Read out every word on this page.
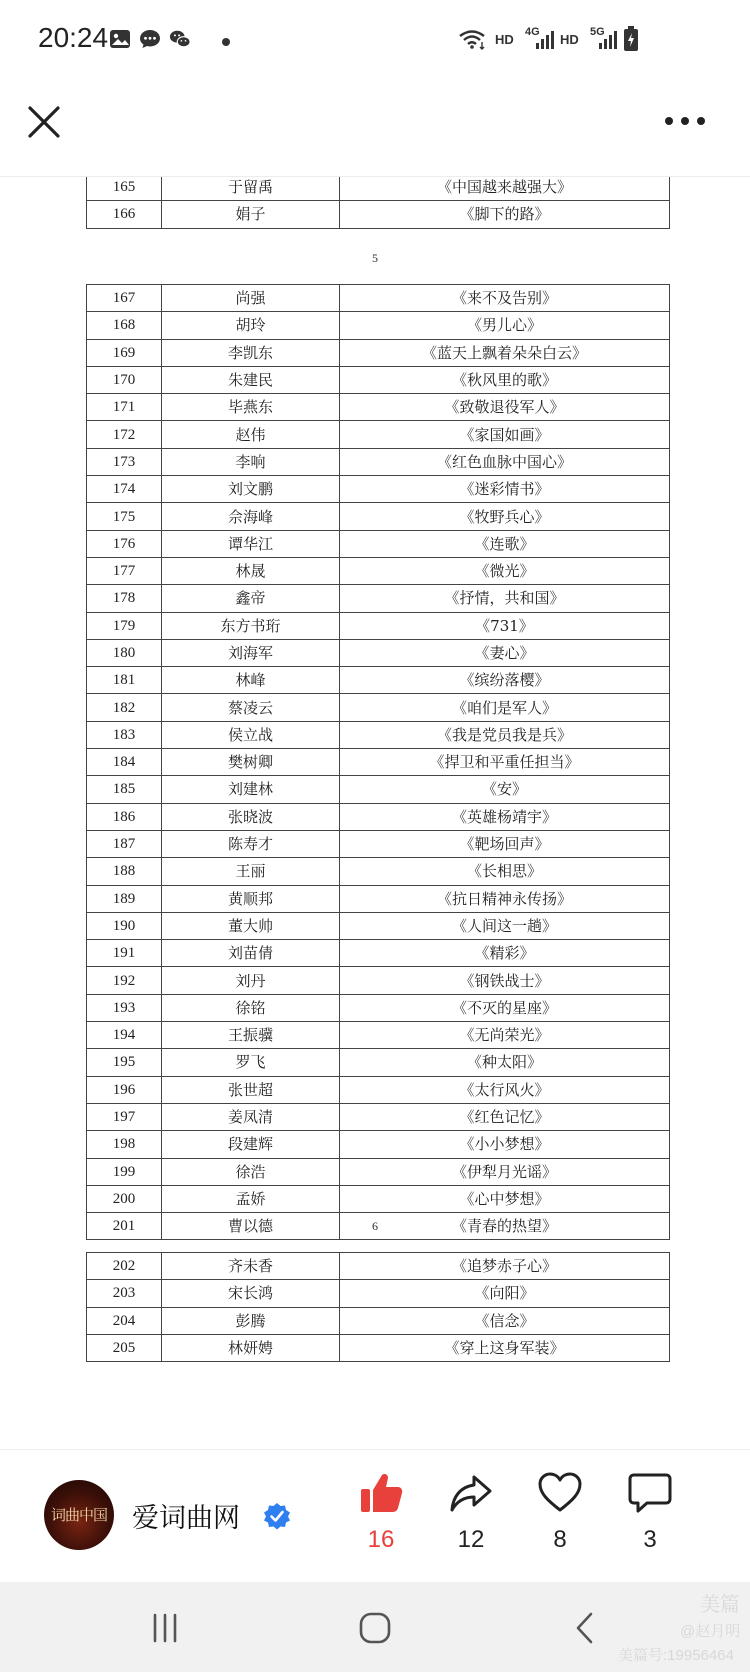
20:24	HD 4G HD 5G
165	于留禹	《中国越来越强大》
166	娟子	《脚下的路》
5
167	尚强	《来不及告别》
168	胡玲	《男儿心》
169	李凯东	《蓝天上飘着朵朵白云》
170	朱建民	《秋风里的歌》
171	毕燕东	《致敬退役军人》
172	赵伟	《家国如画》
173	李响	《红色血脉中国心》
174	刘文鹏	《迷彩情书》
175	佘海峰	《牧野兵心》
176	谭华江	《连歌》
177	林晟	《微光》
178	鑫帝	《抒情，共和国》
179	东方书珩	《731》
180	刘海军	《妻心》
181	林峰	《缤纷落樱》
182	蔡凌云	《咱们是军人》
183	侯立战	《我是党员我是兵》
184	樊树卿	《捍卫和平重任担当》
185	刘建林	《安》
186	张晓波	《英雄杨靖宇》
187	陈寿才	《靶场回声》
188	王丽	《长相思》
189	黄顺邦	《抗日精神永传扬》
190	董大帅	《人间这一趟》
191	刘苗倩	《精彩》
192	刘丹	《钢铁战士》
193	徐铭	《不灭的星座》
194	王振骥	《无尚荣光》
195	罗飞	《种太阳》
196	张世超	《太行风火》
197	姜凤清	《红色记忆》
198	段建辉	《小小梦想》
199	徐浩	《伊犁月光谣》
200	孟娇	《心中梦想》
201	曹以德	《青春的热望》
6
202	齐未香	《追梦赤子心》
203	宋长鸿	《向阳》
204	彭腾	《信念》
205	林妍娉	《穿上这身军装》
词曲中国 爱词曲网
16	12	8	3
美篇
@赵月明
美篇号:19956464
